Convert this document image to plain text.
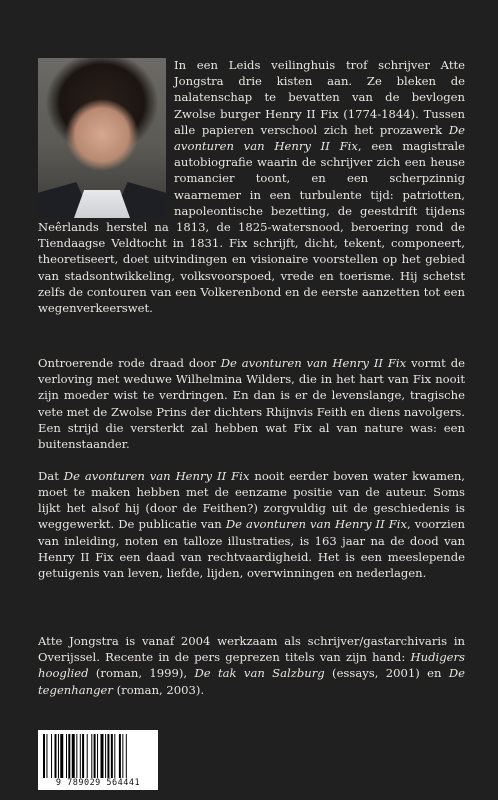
In een Leids veilinghuis trof schrijver Atte Jongstra drie kisten aan. Ze bleken de nalatenschap te bevatten van de bevlogen Zwolse burger Henry II Fix (1774-1844). Tussen alle papieren verschool zich het prozawerk De avonturen van Henry II Fix, een magistrale autobiografie waarin de schrijver zich een heuse romancier toont, en een scherpzinnig waarnemer in een turbulente tijd: patriotten, napoleontische bezetting, de geestdrift tijdens Neêrlands herstel na 1813, de 1825-watersnood, beroering rond de Tiendaagse Veldtocht in 1831. Fix schrijft, dicht, tekent, componeert, theoretiseert, doet uitvindingen en visionaire voorstellen op het gebied van stadsontwikkeling, volksvoorspoed, vrede en toerisme. Hij schetst zelfs de contouren van een Volkerenbond en de eerste aanzetten tot een wegenverkeerswet.

Ontroerende rode draad door De avonturen van Henry II Fix vormt de verloving met weduwe Wilhelmina Wilders, die in het hart van Fix nooit zijn moeder wist te verdringen. En dan is er de levenslange, tragische vete met de Zwolse Prins der dichters Rhijnvis Feith en diens navolgers. Een strijd die versterkt zal hebben wat Fix al van nature was: een buitenstaander.

Dat De avonturen van Henry II Fix nooit eerder boven water kwamen, moet te maken hebben met de eenzame positie van de auteur. Soms lijkt het alsof hij (door de Feithen?) zorgvuldig uit de geschiedenis is weggewerkt. De publicatie van De avonturen van Henry II Fix, voorzien van inleiding, noten en talloze illustraties, is 163 jaar na de dood van Henry II Fix een daad van rechtvaardigheid. Het is een meeslepende getuigenis van leven, liefde, lijden, overwinningen en nederlagen.

Atte Jongstra is vanaf 2004 werkzaam als schrijver/gastarchivaris in Overijssel. Recente in de pers geprezen titels van zijn hand: Hudigers hooglied (roman, 1999), De tak van Salzburg (essays, 2001) en De tegenhanger (roman, 2003).
9 789029 564441
